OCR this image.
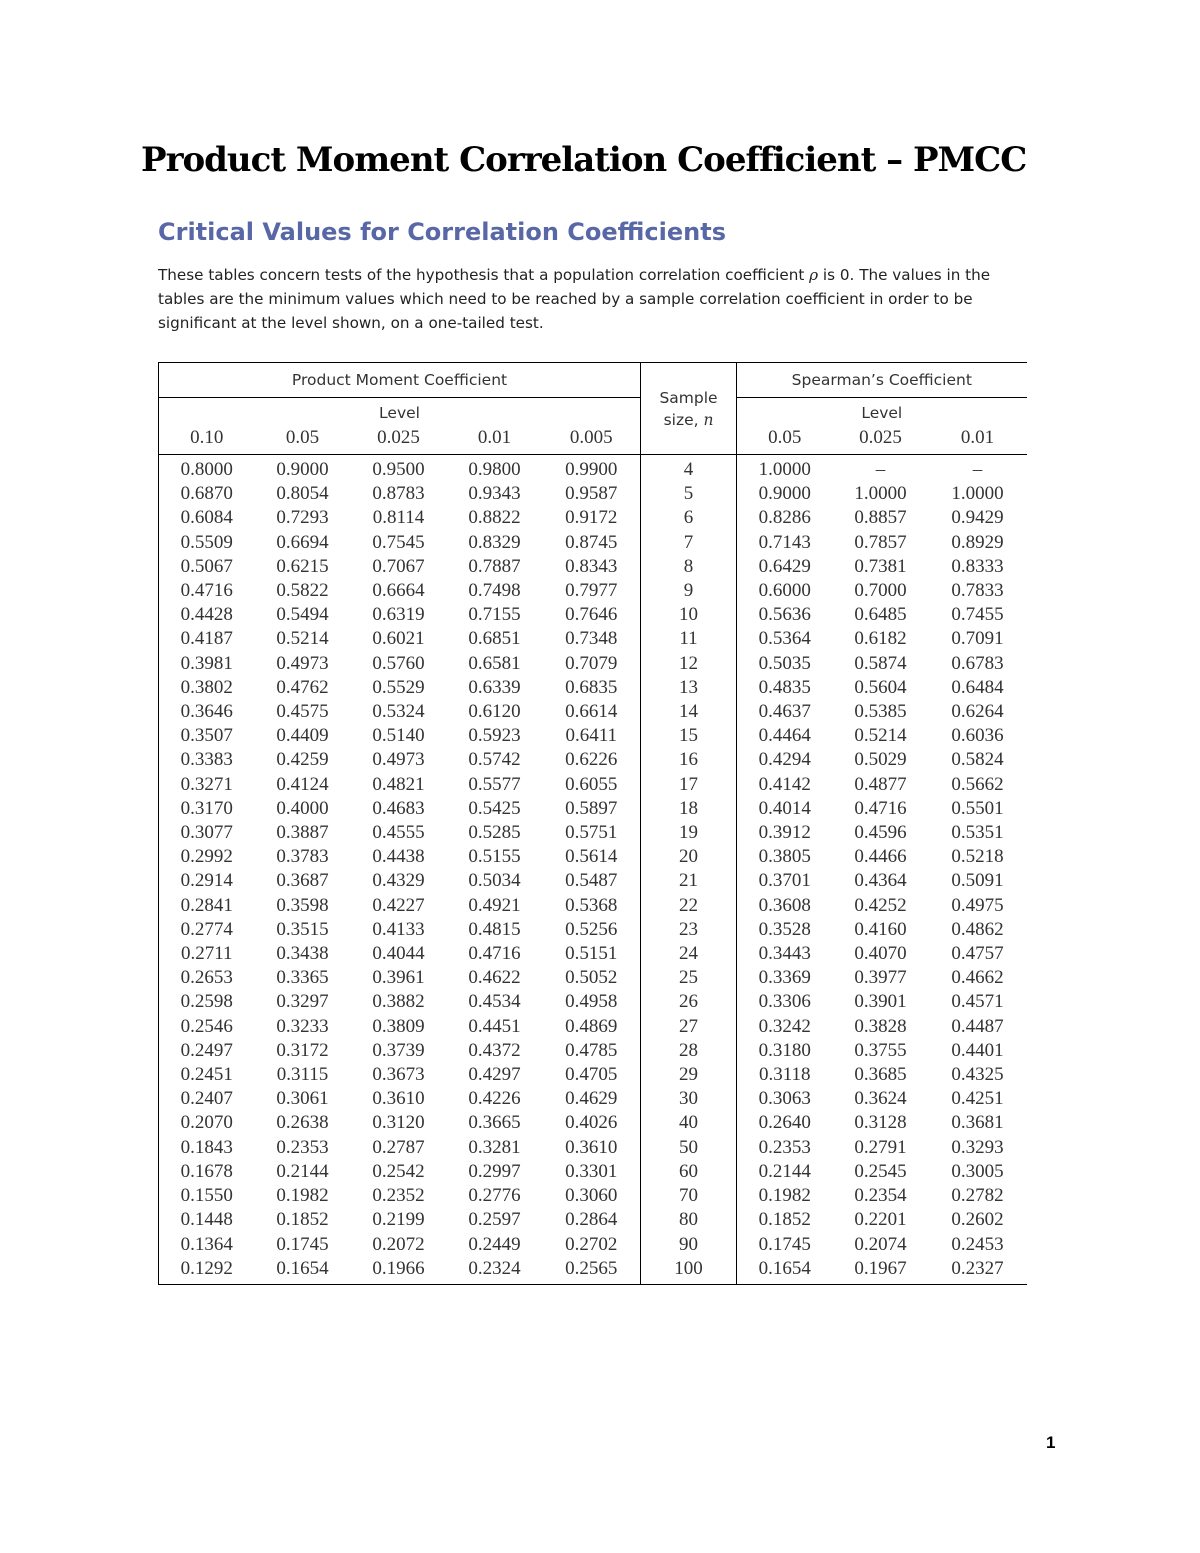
Product Moment Correlation Coefficient – PMCC
Critical Values for Correlation Coefficients

These tables concern tests of the hypothesis that a population correlation coefficient ρ is 0. The values in the tables are the minimum values which need to be reached by a sample correlation coefficient in order to be significant at the level shown, on a one-tailed test.

Product Moment Coefficient					Sample
size, n	Spearman’s Coefficient		
Level						Level		
0.10	0.05	0.025	0.01	0.005		0.05	0.025	0.01
0.8000	0.9000	0.9500	0.9800	0.9900	4	1.0000	–	–
0.6870	0.8054	0.8783	0.9343	0.9587	5	0.9000	1.0000	1.0000
0.6084	0.7293	0.8114	0.8822	0.9172	6	0.8286	0.8857	0.9429
0.5509	0.6694	0.7545	0.8329	0.8745	7	0.7143	0.7857	0.8929
0.5067	0.6215	0.7067	0.7887	0.8343	8	0.6429	0.7381	0.8333
0.4716	0.5822	0.6664	0.7498	0.7977	9	0.6000	0.7000	0.7833
0.4428	0.5494	0.6319	0.7155	0.7646	10	0.5636	0.6485	0.7455
0.4187	0.5214	0.6021	0.6851	0.7348	11	0.5364	0.6182	0.7091
0.3981	0.4973	0.5760	0.6581	0.7079	12	0.5035	0.5874	0.6783
0.3802	0.4762	0.5529	0.6339	0.6835	13	0.4835	0.5604	0.6484
0.3646	0.4575	0.5324	0.6120	0.6614	14	0.4637	0.5385	0.6264
0.3507	0.4409	0.5140	0.5923	0.6411	15	0.4464	0.5214	0.6036
0.3383	0.4259	0.4973	0.5742	0.6226	16	0.4294	0.5029	0.5824
0.3271	0.4124	0.4821	0.5577	0.6055	17	0.4142	0.4877	0.5662
0.3170	0.4000	0.4683	0.5425	0.5897	18	0.4014	0.4716	0.5501
0.3077	0.3887	0.4555	0.5285	0.5751	19	0.3912	0.4596	0.5351
0.2992	0.3783	0.4438	0.5155	0.5614	20	0.3805	0.4466	0.5218
0.2914	0.3687	0.4329	0.5034	0.5487	21	0.3701	0.4364	0.5091
0.2841	0.3598	0.4227	0.4921	0.5368	22	0.3608	0.4252	0.4975
0.2774	0.3515	0.4133	0.4815	0.5256	23	0.3528	0.4160	0.4862
0.2711	0.3438	0.4044	0.4716	0.5151	24	0.3443	0.4070	0.4757
0.2653	0.3365	0.3961	0.4622	0.5052	25	0.3369	0.3977	0.4662
0.2598	0.3297	0.3882	0.4534	0.4958	26	0.3306	0.3901	0.4571
0.2546	0.3233	0.3809	0.4451	0.4869	27	0.3242	0.3828	0.4487
0.2497	0.3172	0.3739	0.4372	0.4785	28	0.3180	0.3755	0.4401
0.2451	0.3115	0.3673	0.4297	0.4705	29	0.3118	0.3685	0.4325
0.2407	0.3061	0.3610	0.4226	0.4629	30	0.3063	0.3624	0.4251
0.2070	0.2638	0.3120	0.3665	0.4026	40	0.2640	0.3128	0.3681
0.1843	0.2353	0.2787	0.3281	0.3610	50	0.2353	0.2791	0.3293
0.1678	0.2144	0.2542	0.2997	0.3301	60	0.2144	0.2545	0.3005
0.1550	0.1982	0.2352	0.2776	0.3060	70	0.1982	0.2354	0.2782
0.1448	0.1852	0.2199	0.2597	0.2864	80	0.1852	0.2201	0.2602
0.1364	0.1745	0.2072	0.2449	0.2702	90	0.1745	0.2074	0.2453
0.1292	0.1654	0.1966	0.2324	0.2565	100	0.1654	0.1967	0.2327
1
